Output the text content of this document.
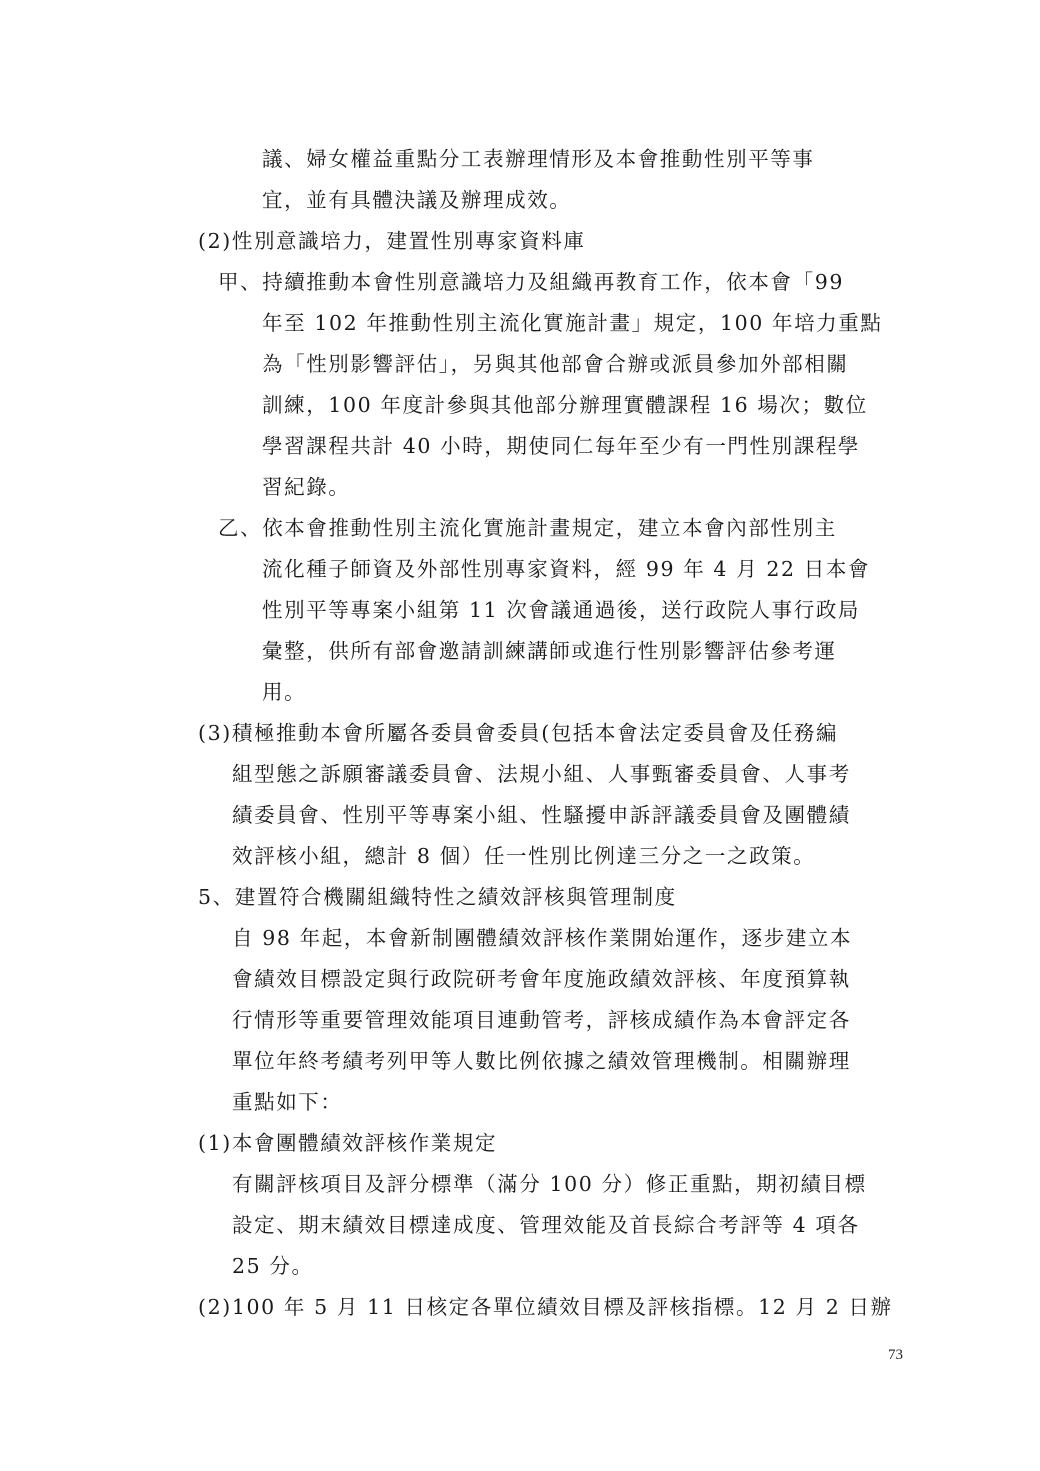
議、婦女權益重點分工表辦理情形及本會推動性別平等事
宜，並有具體決議及辦理成效。
(2)性別意識培力，建置性別專家資料庫
甲、持續推動本會性別意識培力及組織再教育工作，依本會「99
年至 102 年推動性別主流化實施計畫」規定，100 年培力重點
為「性別影響評估」，另與其他部會合辦或派員參加外部相關
訓練，100 年度計參與其他部分辦理實體課程 16 場次；數位
學習課程共計 40 小時，期使同仁每年至少有一門性別課程學
習紀錄。
乙、依本會推動性別主流化實施計畫規定，建立本會內部性別主
流化種子師資及外部性別專家資料，經 99 年 4 月 22 日本會
性別平等專案小組第 11 次會議通過後，送行政院人事行政局
彙整，供所有部會邀請訓練講師或進行性別影響評估參考運
用。
(3)積極推動本會所屬各委員會委員(包括本會法定委員會及任務編
組型態之訴願審議委員會、法規小組、人事甄審委員會、人事考
績委員會、性別平等專案小組、性騷擾申訴評議委員會及團體績
效評核小組，總計 8 個）任一性別比例達三分之一之政策。
5、建置符合機關組織特性之績效評核與管理制度
自 98 年起，本會新制團體績效評核作業開始運作，逐步建立本
會績效目標設定與行政院研考會年度施政績效評核、年度預算執
行情形等重要管理效能項目連動管考，評核成績作為本會評定各
單位年終考績考列甲等人數比例依據之績效管理機制。相關辦理
重點如下：
(1)本會團體績效評核作業規定
有關評核項目及評分標準（滿分 100 分）修正重點，期初績目標
設定、期末績效目標達成度、管理效能及首長綜合考評等 4 項各
25 分。
(2)100 年 5 月 11 日核定各單位績效目標及評核指標。12 月 2 日辦
73
